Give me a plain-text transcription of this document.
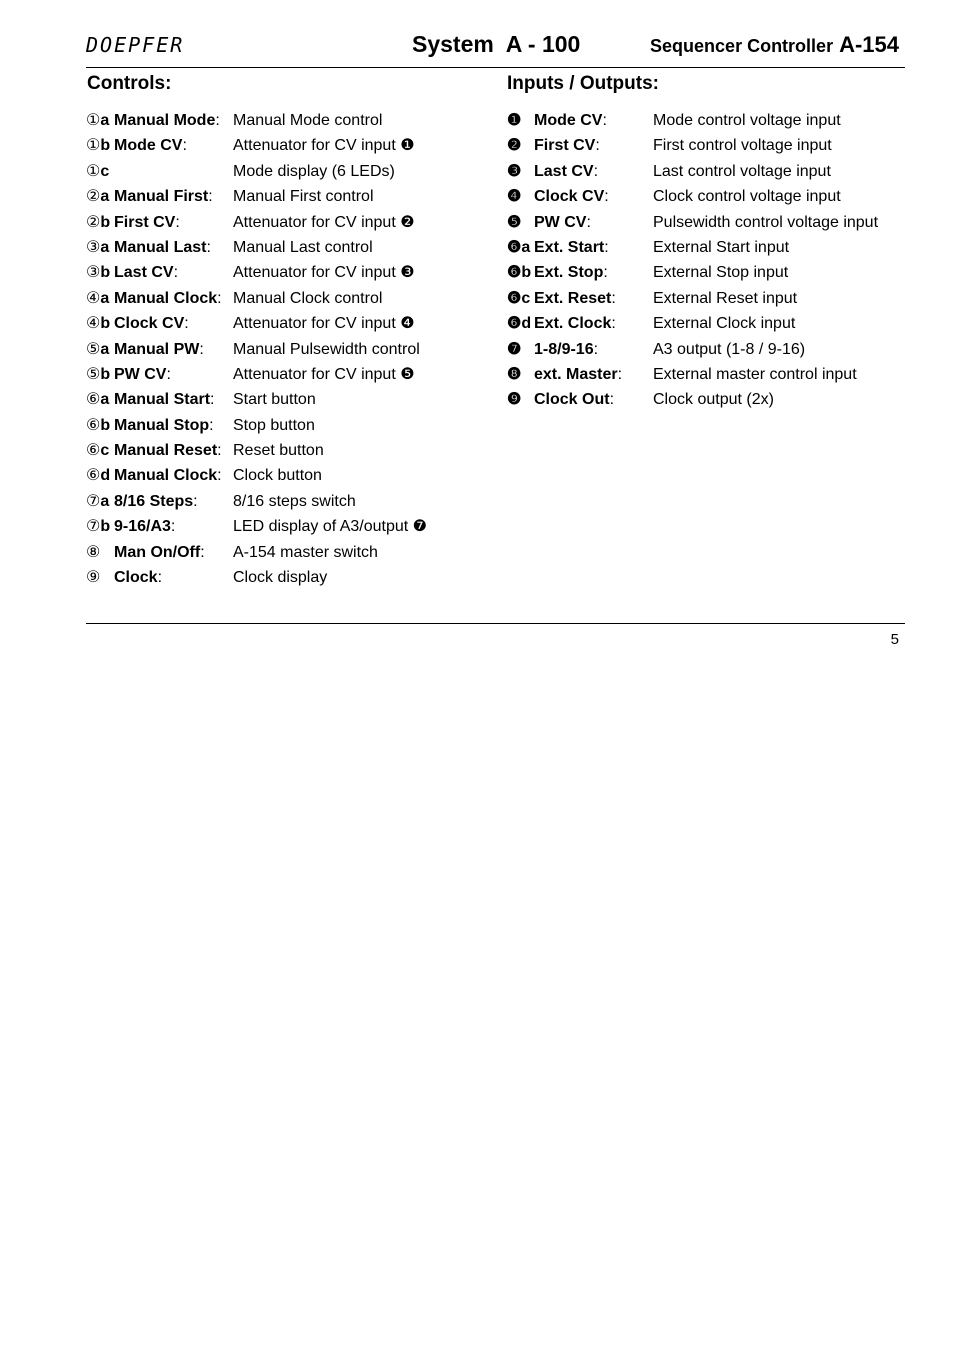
DOEPFER	System  A - 100	Sequencer Controller A-154
Controls:	Inputs / Outputs:
①a Manual Mode: Manual Mode control
①b Mode CV:	Attenuator for CV input ❶
①c	Mode display (6 LEDs)
②a Manual First: Manual First control
②b First CV:	Attenuator for CV input ❷
③a Manual Last: Manual Last control
③b Last CV:	Attenuator for CV input ❸
④a Manual Clock: Manual Clock control
④b Clock CV:	Attenuator for CV input ❹
⑤a Manual PW: Manual Pulsewidth control
⑤b PW CV:	Attenuator for CV input ❺
⑥a Manual Start: Start button
⑥b Manual Stop: Stop button
⑥c Manual Reset: Reset button
⑥d Manual Clock: Clock button
⑦a 8/16 Steps: 8/16 steps switch
⑦b 9-16/A3:	LED display of A3/output ❼
⑧ Man On/Off: A-154 master switch
⑨ Clock:	Clock display
❶ Mode CV:	Mode control voltage input
❷ First CV:	First control voltage input
❸ Last CV:	Last control voltage input
❹ Clock CV:	Clock control voltage input
❺ PW CV:	Pulsewidth control voltage input
❻a Ext. Start:	External Start input
❻b Ext. Stop:	External Stop input
❻c Ext. Reset: External Reset input
❻d Ext. Clock: External Clock input
❼ 1-8/9-16:	A3 output (1-8 / 9-16)
❽ ext. Master: External master control input
❾ Clock Out: Clock output (2x)
5
